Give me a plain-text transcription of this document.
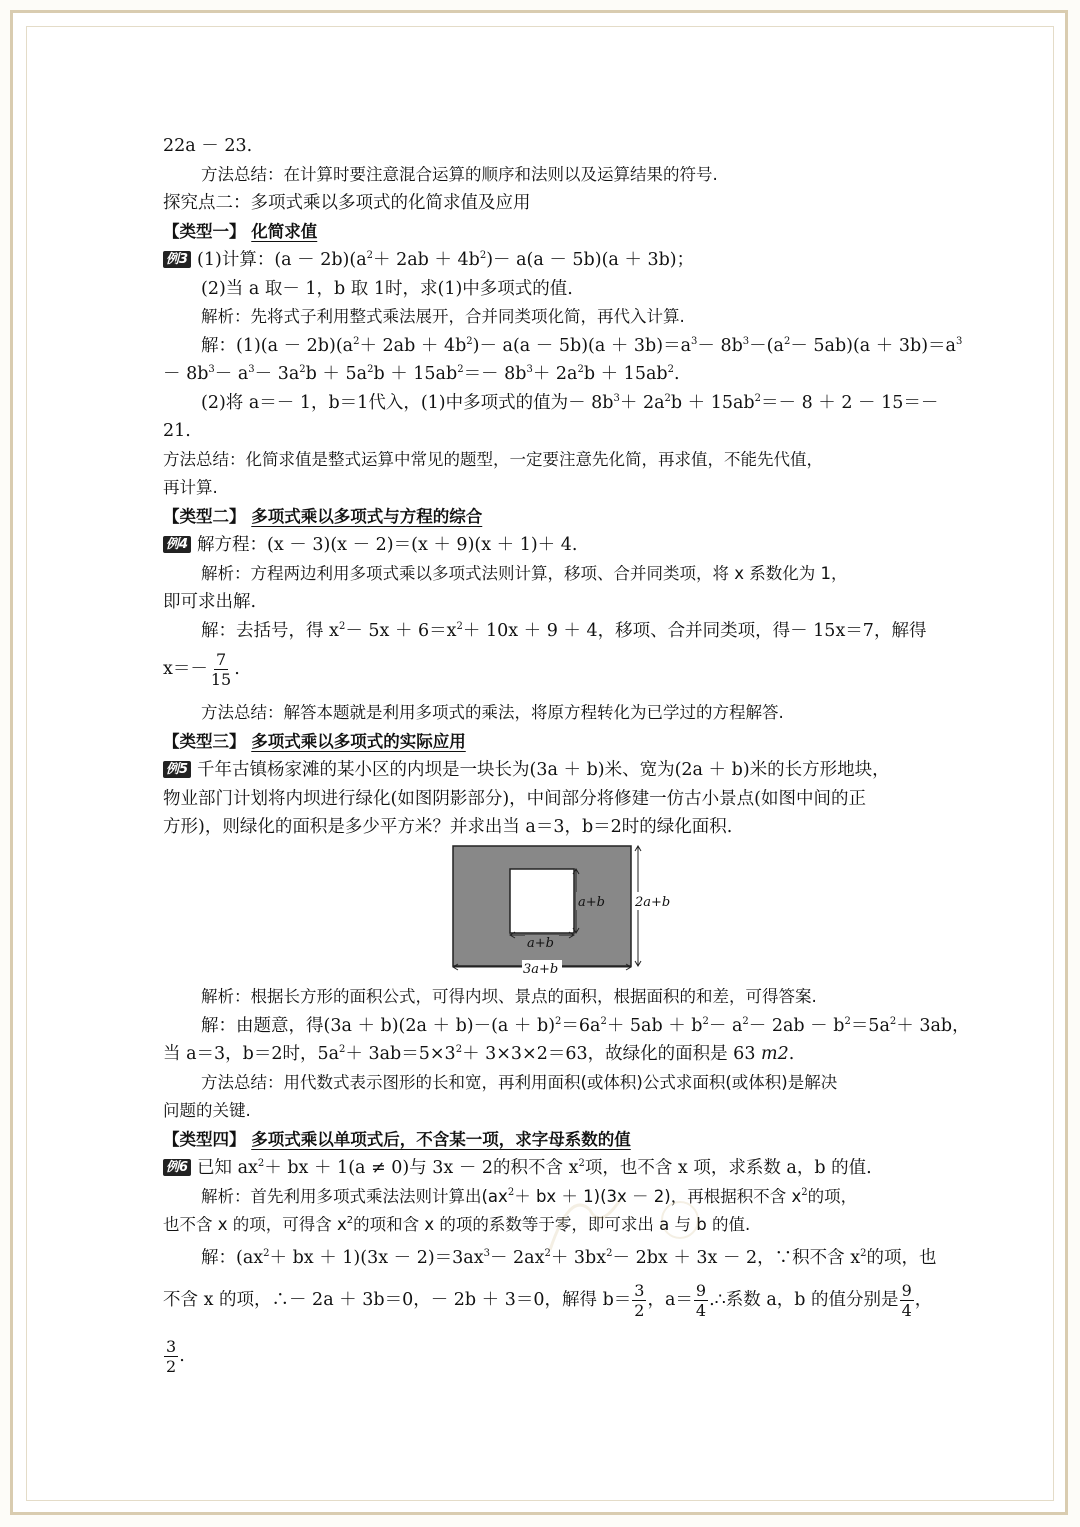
22a － 23.
方法总结：在计算时要注意混合运算的顺序和法则以及运算结果的符号.
探究点二：多项式乘以多项式的化简求值及应用
【类型一】 化简求值
例3 (1)计算：$(a - 2b)(a^2+ 2ab + 4b^2)- a(a - 5b)(a + 3b)$；
(2)当 a 取－ 1，b 取 1时，求(1)中多项式的值.
解析：先将式子利用整式乘法展开，合并同类项化简，再代入计算.
解：$(1)(a - 2b)(a^2+ 2ab + 4b^2)- a(a - 5b)(a + 3b)=a^3- 8b^3-(a^2- 5ab)(a + 3b)=a^3$
－ $8b^3- a^3- 3a^2b + 5a^2b + 15ab^2=- 8b^3+ 2a^2b + 15ab^2$.
(2)将 a＝－ 1，b＝1代入，(1)中多项式的值为－ $8b^3+ 2a^2b + 15ab^2=- 8 + 2 - 15=-$
21.
方法总结：化简求值是整式运算中常见的题型，一定要注意先化简，再求值，不能先代值，
再计算.
【类型二】 多项式乘以多项式与方程的综合
例4 解方程：(x － 3)(x － 2)＝(x ＋ 9)(x ＋ 1)＋ 4.
解析：方程两边利用多项式乘以多项式法则计算，移项、合并同类项，将 x 系数化为 1，
即可求出解.
解：去括号，得 $x^2- 5x + 6=x^2+ 10x + 9 + 4$，移项、合并同类项，得－ 15x＝7，解得
$x=- \frac{7}{15}$ .
方法总结：解答本题就是利用多项式的乘法，将原方程转化为已学过的方程解答.
【类型三】 多项式乘以多项式的实际应用
例5 千年古镇杨家滩的某小区的内坝是一块长为(3a ＋ b)米、宽为(2a ＋ b)米的长方形地块，
物业部门计划将内坝进行绿化(如图阴影部分)，中间部分将修建一仿古小景点(如图中间的正
方形)，则绿化的面积是多少平方米？并求出当 a＝3，b＝2时的绿化面积.
a+b
a+b
2a+b
3a+b
解析：根据长方形的面积公式，可得内坝、景点的面积，根据面积的和差，可得答案.
解：由题意，得$(3a + b)(2a + b)-(a + b)^2=6a^2+ 5ab + b^2- a^2- 2ab - b^2=5a^2+ 3ab$，
当 a＝3，b＝2时，$5a^2+ 3ab=5\times 3^2+ 3\times 3\times 2=63$，故绿化的面积是 63 m2.
方法总结：用代数式表示图形的长和宽，再利用面积(或体积)公式求面积(或体积)是解决
问题的关键.
【类型四】 多项式乘以单项式后，不含某一项，求字母系数的值
例6 已知 $ax^2+$ bx ＋ 1(a ≠ 0)与 3x － 2的积不含 $x^2$项，也不含 x 项，求系数 a，b 的值.
解析：首先利用多项式乘法法则计算出($ax^2+$ bx ＋ 1)(3x － 2)，再根据积不含 $x^2$的项，
也不含 x 的项，可得含 $x^2$的项和含 x 的项的系数等于零，即可求出 a 与 b 的值.
解：($ax^2+$ bx ＋ $1)(3x - 2)=3ax^3- 2ax^2+ 3bx^2- 2bx + 3x - 2$，∵积不含 $x^2$的项，也
不含 x 的项，∴－ 2a ＋ 3b＝0，－ 2b ＋ 3＝0，解得 $b= \frac{3}{2}$ ，$a= \frac{9}{4}$ .∴系数 a，b 的值分别是 $\frac{9}{4}$ ，
$\frac{3}{2}$ .
